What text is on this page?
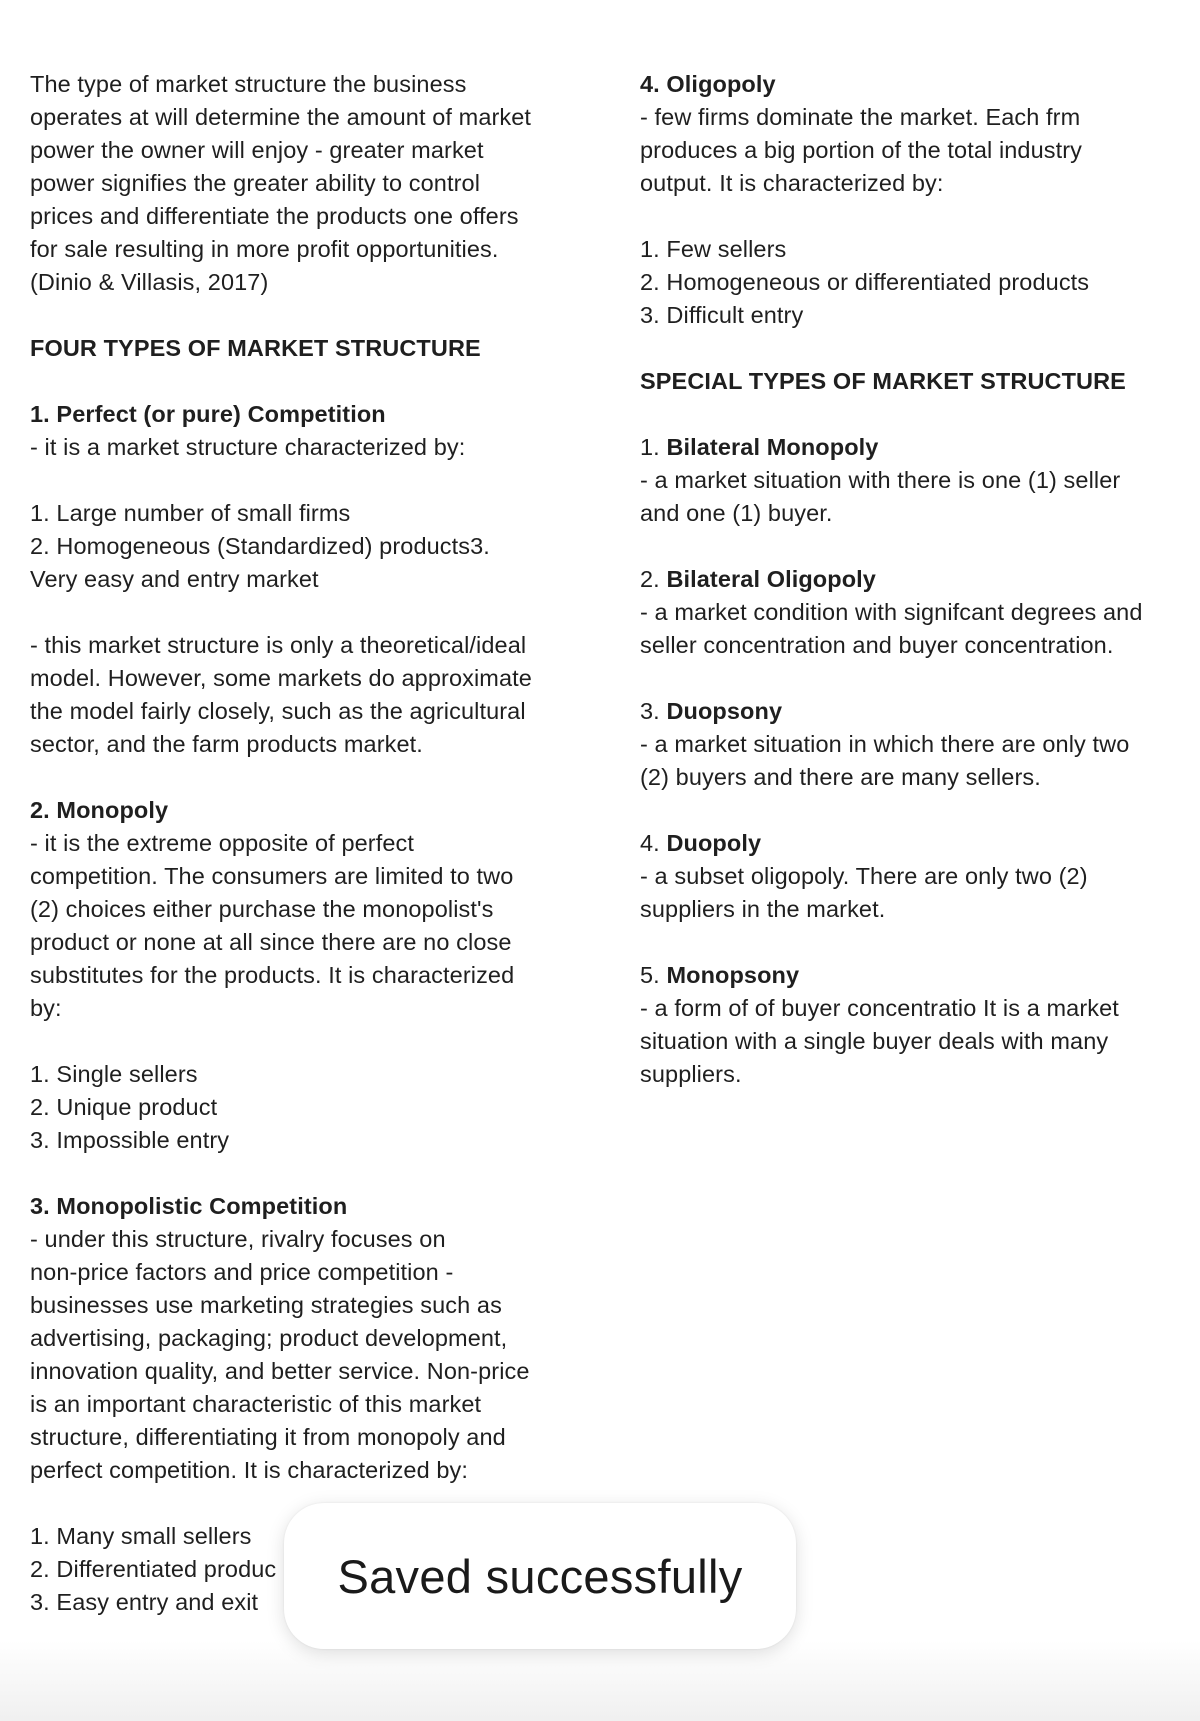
The type of market structure the business
operates at will determine the amount of market
power the owner will enjoy - greater market
power signifies the greater ability to control
prices and differentiate the products one offers
for sale resulting in more profit opportunities.
(Dinio & Villasis, 2017)
FOUR TYPES OF MARKET STRUCTURE
1. Perfect (or pure) Competition
- it is a market structure characterized by:
1. Large number of small firms
2. Homogeneous (Standardized) products3.
Very easy and entry market
- this market structure is only a theoretical/ideal
model. However, some markets do approximate
the model fairly closely, such as the agricultural
sector, and the farm products market.
2. Monopoly
- it is the extreme opposite of perfect
competition. The consumers are limited to two
(2) choices either purchase the monopolist's
product or none at all since there are no close
substitutes for the products. It is characterized
by:
1. Single sellers
2. Unique product
3. Impossible entry
3. Monopolistic Competition
- under this structure, rivalry focuses on
non-price factors and price competition -
businesses use marketing strategies such as
advertising, packaging; product development,
innovation quality, and better service. Non-price
is an important characteristic of this market
structure, differentiating it from monopoly and
perfect competition. It is characterized by:
1. Many small sellers
2. Differentiated produc
3. Easy entry and exit
4. Oligopoly
- few firms dominate the market. Each frm
produces a big portion of the total industry
output. It is characterized by:
1. Few sellers
2. Homogeneous or differentiated products
3. Difficult entry
SPECIAL TYPES OF MARKET STRUCTURE
1. Bilateral Monopoly
- a market situation with there is one (1) seller
and one (1) buyer.
2. Bilateral Oligopoly
- a market condition with signifcant degrees and
seller concentration and buyer concentration.
3. Duopsony
- a market situation in which there are only two
(2) buyers and there are many sellers.
4. Duopoly
- a subset oligopoly. There are only two (2)
suppliers in the market.
5. Monopsony
- a form of of buyer concentratio It is a market
situation with a single buyer deals with many
suppliers.
Saved successfully
